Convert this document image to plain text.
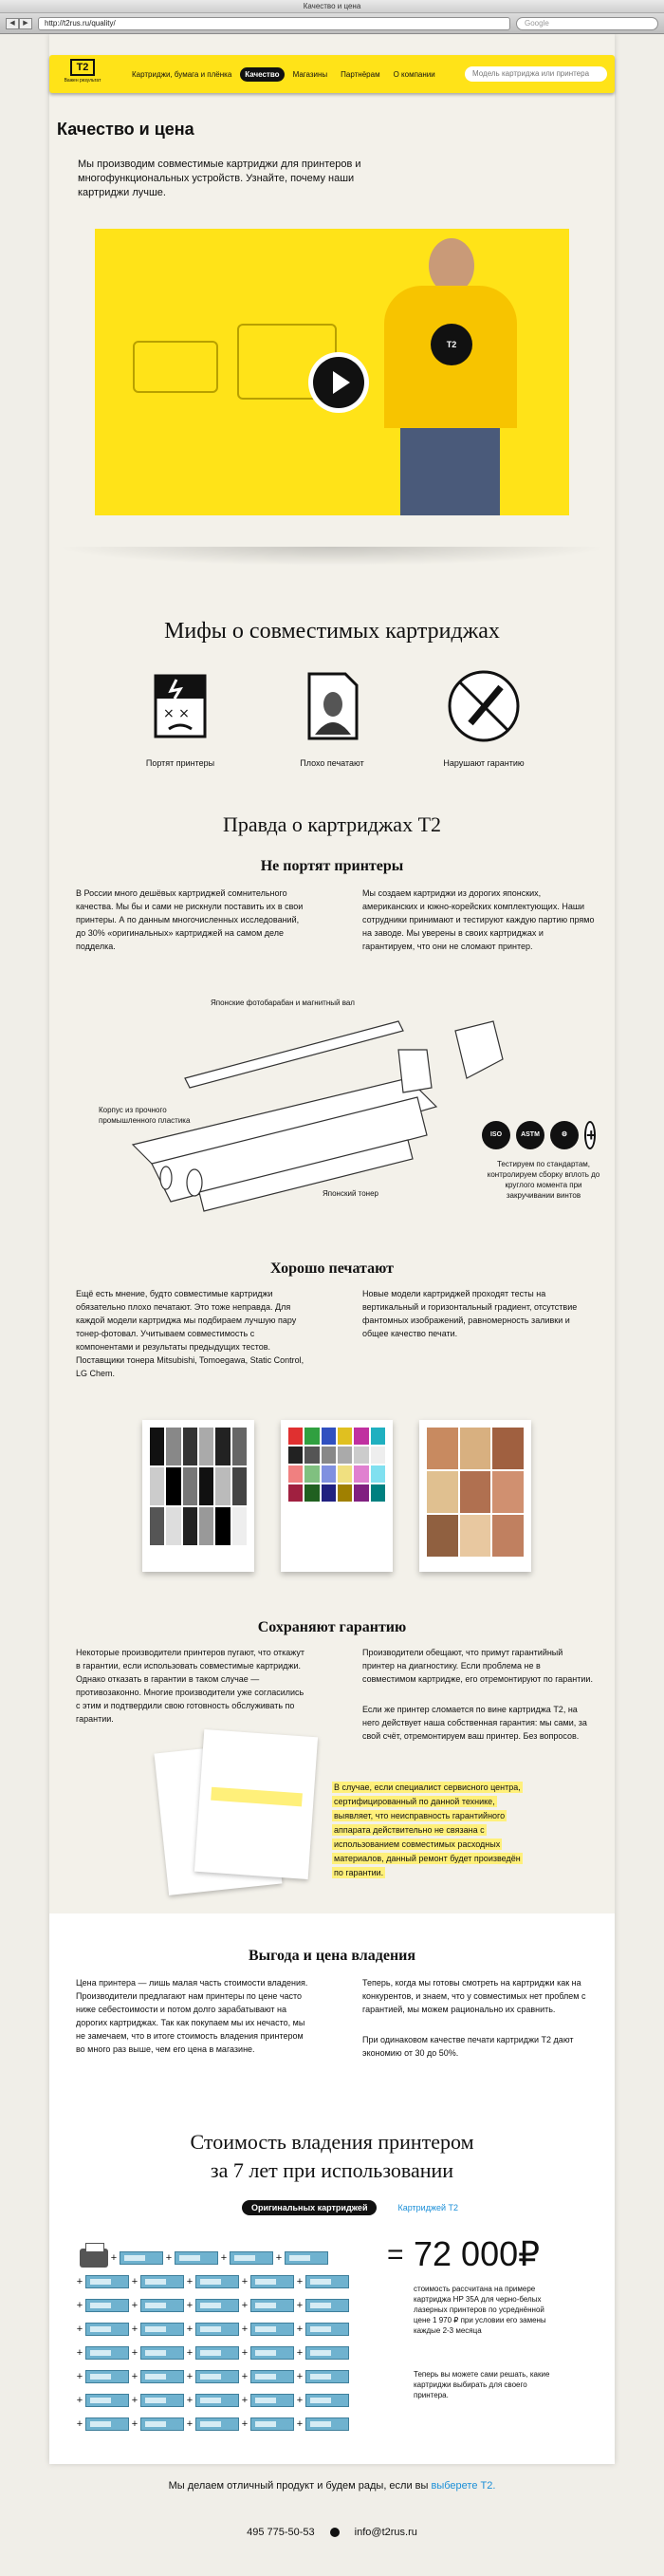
Качество и цена
◀	▶	http://t2rus.ru/quality/	Google
T2
Важен результат
Картриджи, бумага и плёнка	Качество	Магазины	Партнёрам	О компании	Модель картриджа или принтера
Качество и цена
Мы производим совместимые картриджи для принтеров и многофункциональных устройств. Узнайте, почему наши картриджи лучше.
T2
Мифы о совместимых картриджах
× ×
Портят принтеры	Плохо печатают	Нарушают гарантию
Правда о картриджах T2
Не портят принтеры
В России много дешёвых картриджей сомнительного качества. Мы бы и сами не рискнули поставить их в свои принтеры. А по данным многочисленных исследований, до 30% «оригинальных» картриджей на самом деле подделка.
Мы создаем картриджи из дорогих японских, американских и южно-корейских комплектующих. Наши сотрудники принимают и тестируют каждую партию прямо на заводе. Мы уверены в своих картриджах и гарантируем, что они не сломают принтер.
Японские фотобарабан и магнитный вал
Корпус из прочного промышленного пластика
Японский тонер
ISO	ASTM	⚙	+
Тестируем по стандартам, контролируем сборку вплоть до круглого момента при закручивании винтов
Хорошо печатают
Ещё есть мнение, будто совместимые картриджи обязательно плохо печатают. Это тоже неправда. Для каждой модели картриджа мы подбираем лучшую пару тонер-фотовал. Учитываем совместимость с компонентами и результаты предыдущих тестов. Поставщики тонера Mitsubishi, Tomoegawa, Static Control, LG Chem.
Новые модели картриджей проходят тесты на вертикальный и горизонтальный градиент, отсутствие фантомных изображений, равномерность заливки и общее качество печати.
Сохраняют гарантию
Некоторые производители принтеров пугают, что откажут в гарантии, если использовать совместимые картриджи. Однако отказать в гарантии в таком случае — противозаконно. Многие производители уже согласились с этим и подтвердили свою готовность обслуживать по гарантии.
Производители обещают, что примут гарантийный принтер на диагностику. Если проблема не в совместимом картридже, его отремонтируют по гарантии.
Если же принтер сломается по вине картриджа T2, на него действует наша собственная гарантия: мы сами, за свой счёт, отремонтируем ваш принтер. Без вопросов.
В случае, если специалист сервисного центра, сертифицированный по данной технике, выявляет, что неисправность гарантийного аппарата действительно не связана с использованием совместимых расходных материалов, данный ремонт будет произведён по гарантии.
Выгода и цена владения
Цена принтера — лишь малая часть стоимости владения. Производители предлагают нам принтеры по цене часто ниже себестоимости и потом долго зарабатывают на дорогих картриджах. Так как покупаем мы их нечасто, мы не замечаем, что в итоге стоимость владения принтером во много раз выше, чем его цена в магазине.
Теперь, когда мы готовы смотреть на картриджи как на конкурентов, и знаем, что у совместимых нет проблем с гарантией, мы можем рационально их сравнить.
При одинаковом качестве печати картриджи T2 дают экономию от 30 до 50%.
Стоимость владения принтером
за 7 лет при использовании
Оригинальных картриджей	Картриджей T2
+	+	+	+
+	+	+	+	+
+	+	+	+	+
+	+	+	+	+
+	+	+	+	+
+	+	+	+	+
+	+	+	+	+
+	+	+	+	+
= 72 000₽
стоимость рассчитана на примере картриджа HP 35A для черно-белых лазерных принтеров по усреднённой цене 1 970 ₽ при условии его замены каждые 2-3 месяца
Теперь вы можете сами решать, какие картриджи выбирать для своего принтера.
Мы делаем отличный продукт и будем рады, если вы выберете T2.
495 775-50-53	info@t2rus.ru
